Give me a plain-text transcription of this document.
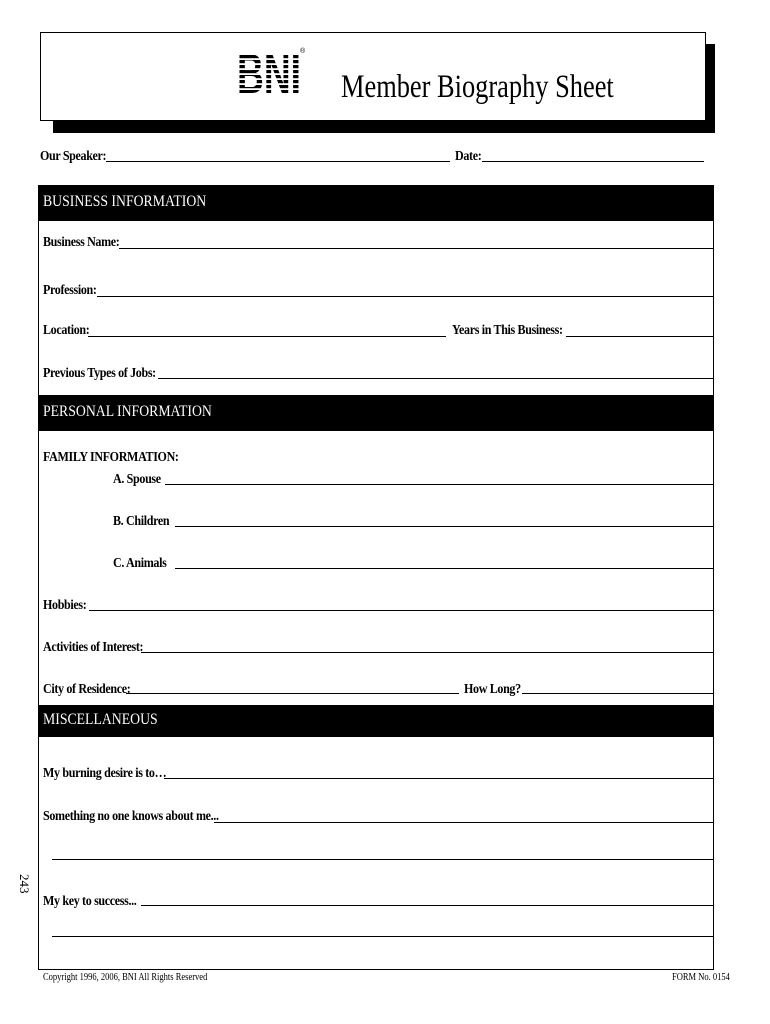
BNI ®
Member Biography Sheet
Our Speaker:	Date:
BUSINESS INFORMATION
Business Name:
Profession:
Location:	Years in This Business:
Previous Types of Jobs:
PERSONAL INFORMATION
FAMILY INFORMATION:
A. Spouse
B. Children
C. Animals
Hobbies:
Activities of Interest:
City of Residence:	How Long?
MISCELLANEOUS
My burning desire is to…
Something no one knows about me...
My key to success...
243
Copyright 1996, 2006, BNI All Rights Reserved	FORM No. 0154
